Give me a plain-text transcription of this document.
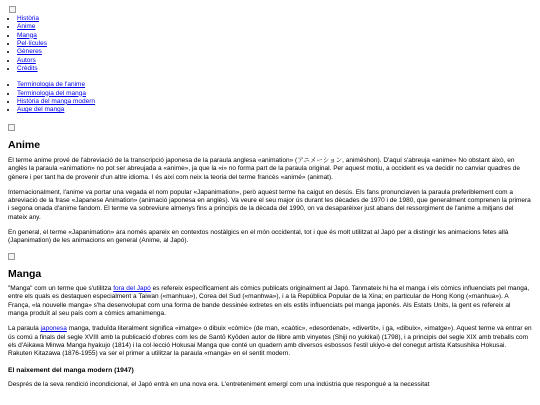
• Història
• Anime
• Manga
• Pel·lícules
• Gèneres
• Autors
• Crèdits
• Terminologia de l'anime
• Terminologia del manga
• Història del manga modern
• Auge del manga
Anime

El terme anime prové de l'abreviació de la transcripció japonesa de la paraula anglesa «animation» (アニメーション, animēshon). D'aquí s'abreuja «anime» No obstant això, en anglès la paraula «animation» no pot ser abreujada a «anime», ja que la «i» no forma part de la paraula original. Per aquest motiu, a occident es va decidir no canviar quadres de gènere i per tant ha de provenir d'un altre idioma. I és així com neix la teoria del terme francès «animé» (animat).

Internacionalment, l'anime va portar una vegada el nom popular «Japanimation», però aquest terme ha caigut en desús. Els fans pronunciaven la paraula preferiblement com a abreviació de la frase «Japanese Animation» (animació japonesa en anglès). Va veure el seu major ús durant les dècades de 1970 i de 1980, que generalment comprenen la primera i segona onada d'anime fandom. El terme va sobreviure almenys fins a principis de la dècada del 1990, on va desaparèixer just abans del ressorgiment de l'anime a mitjans del mateix any.

En general, el terme «Japanimation» ara només apareix en contextos nostàlgics en el món occidental, tot i que és molt utilitzat al Japó per a distingir les animacions fetes allà (Japanimation) de les animacions en general (Anime, al Japó).

Manga

"Manga" com un terme que s'utilitza fora del Japó es refereix específicament als còmics publicats originalment al Japó. Tanmateix hi ha el manga i els còmics influenciats pel manga, entre els quals es destaquen especialment a Taiwan («manhua»), Corea del Sud («manhwa»), i a la República Popular de la Xina; en particular de Hong Kong («manhua»). A França, «la nouvelle manga» s'ha desenvolupat com una forma de bande dessinée extretes en els estils influenciats pel manga japonès. Als Estats Units, la gent es refereix al manga produït al seu país com a còmics amanimenga.

La paraula japonesa manga, traduïda literalment significa «imatge» o dibuix «còmic» (de man, «caòtic», «desordenat», «divertit», i ga, «dibuix», «imatge»). Aquest terme va entrar en ús comú a finals del segle XVIII amb la publicació d'obres com les de Santō Kyōden autor de llibre amb vinyetes (Shiji no yukikai) (1798), i a principis del segle XIX amb treballs com els d'Aikawa Minwa Manga hyakujo (1814) i la col·lecció Hokusai Manga que conté un quadern amb diversos esbossos l'estil ukiyo-e del conegut artista Katsushika Hokusai. Rakuten Kitazawa (1876-1955) va ser el primer a utilitzar la paraula «manga» en el sentit modern.

El naixement del manga modern (1947)

Després de la seva rendició incondicional, el Japó entrà en una nova era. L'entreteniment emergí com una indústria que respongué a la necessitat
